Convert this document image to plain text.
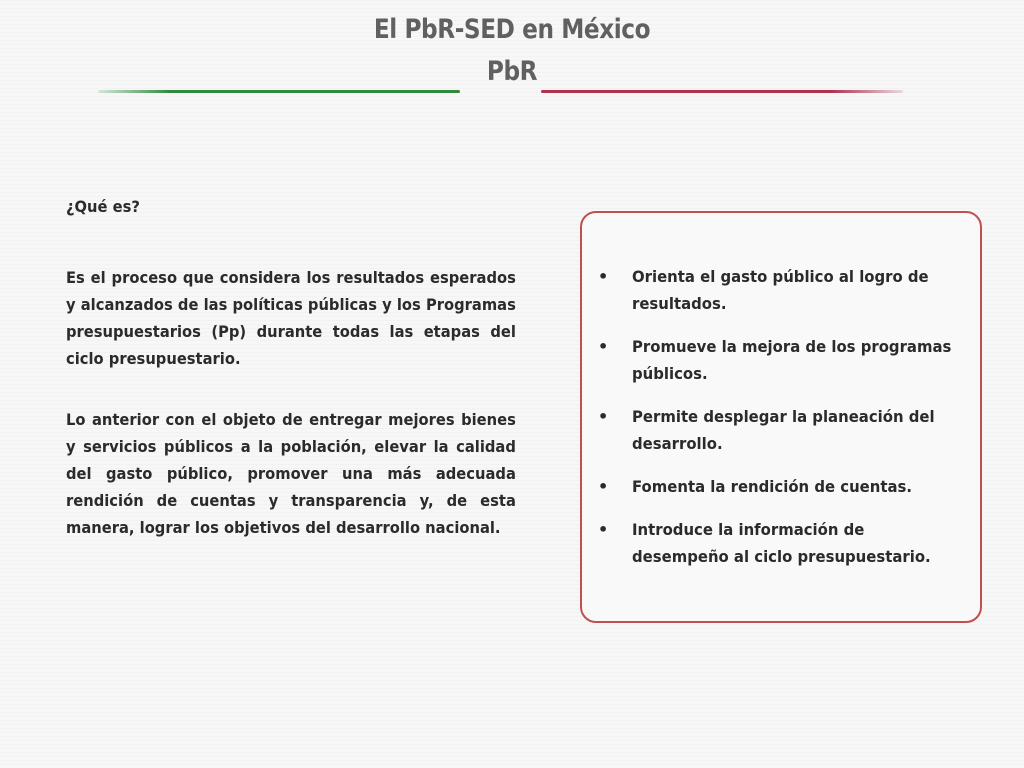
El PbR-SED en México
PbR

¿Qué es?

Es el proceso que considera los resultados esperados y alcanzados de las políticas públicas y los Programas presupuestarios (Pp) durante todas las etapas del ciclo presupuestario.

Lo anterior con el objeto de entregar mejores bienes y servicios públicos a la población, elevar la calidad del gasto público, promover una más adecuada rendición de cuentas y transparencia y, de esta manera, lograr los objetivos del desarrollo nacional.

• Orienta el gasto público al logro de resultados.
• Promueve la mejora de los programas públicos.
• Permite desplegar la planeación del desarrollo.
• Fomenta la rendición de cuentas.
• Introduce la información de desempeño al ciclo presupuestario.
